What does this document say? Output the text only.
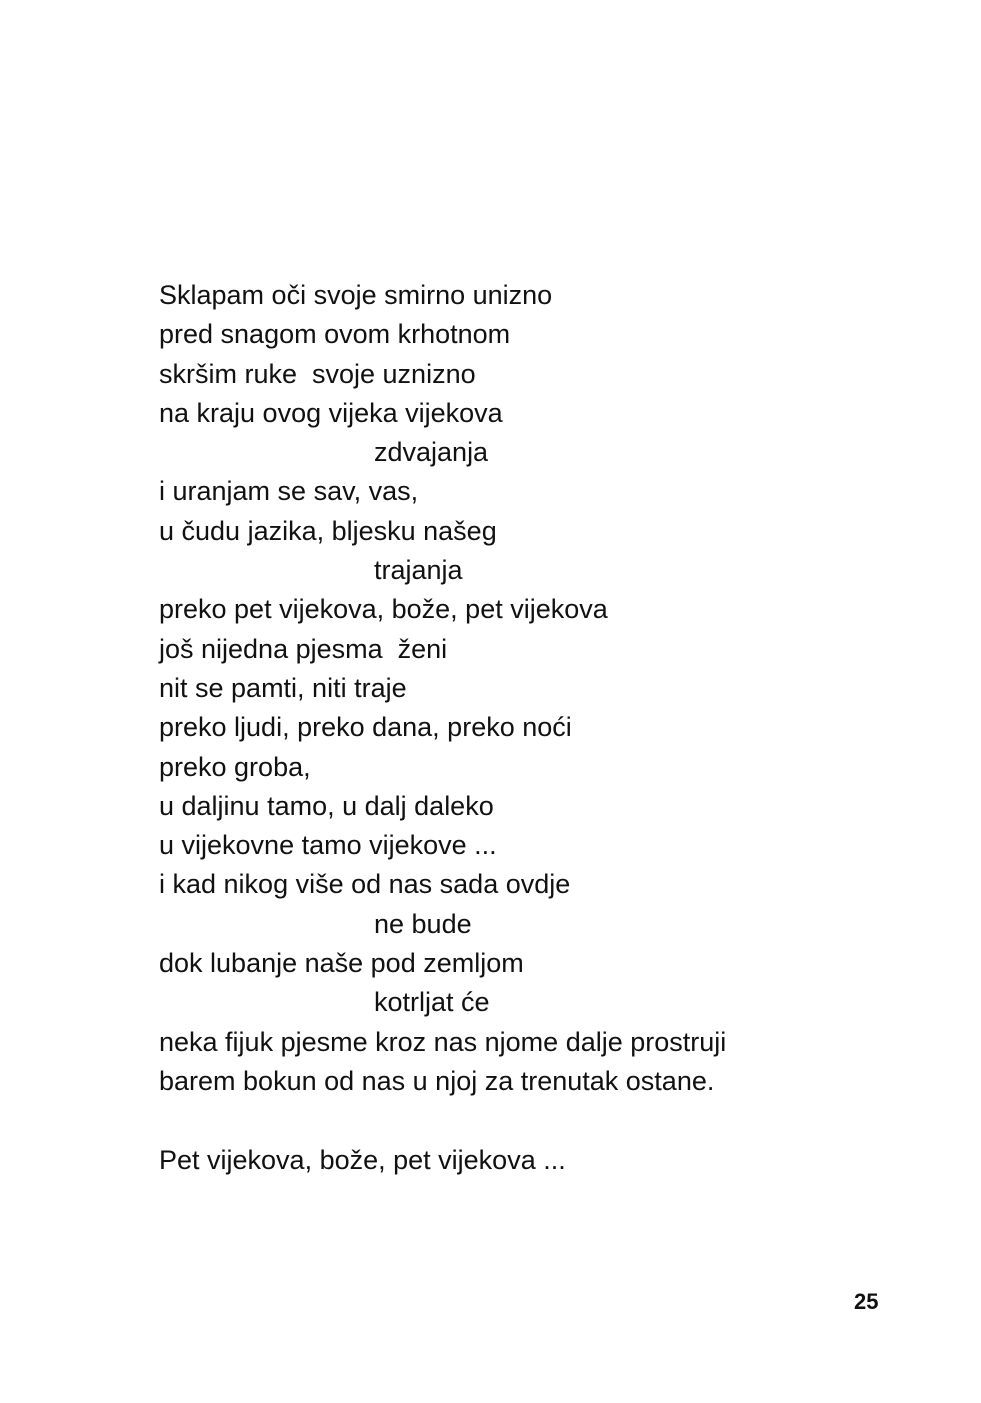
Sklapam oči svoje smirno unizno

pred snagom ovom krhotnom

skršim ruke  svoje uznizno

na kraju ovog vijeka vijekova

zdvajanja

i uranjam se sav, vas,

u čudu jazika, bljesku našeg

trajanja

preko pet vijekova, bože, pet vijekova

još nijedna pjesma  ženi

nit se pamti, niti traje

preko ljudi, preko dana, preko noći

preko groba,

u daljinu tamo, u dalj daleko

u vijekovne tamo vijekove ...

i kad nikog više od nas sada ovdje

ne bude

dok lubanje naše pod zemljom

kotrljat će

neka fijuk pjesme kroz nas njome dalje prostruji

barem bokun od nas u njoj za trenutak ostane.

Pet vijekova, bože, pet vijekova ...

25
